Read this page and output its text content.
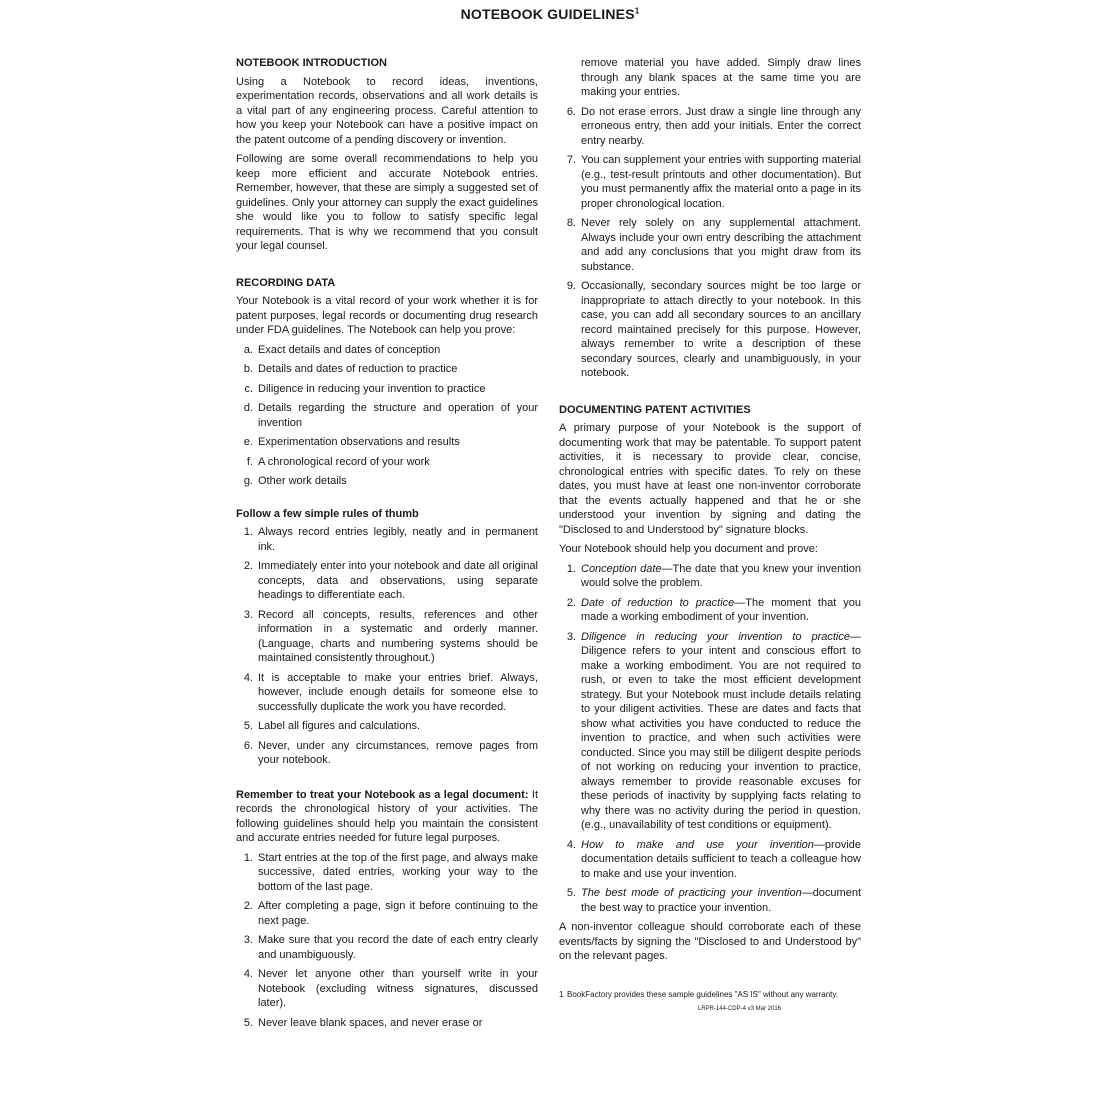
NOTEBOOK GUIDELINES$^1$
NOTEBOOK INTRODUCTION

Using a Notebook to record ideas, inventions, experimentation records, observations and all work details is a vital part of any engineering process. Careful attention to how you keep your Notebook can have a positive impact on the patent outcome of a pending discovery or invention.

Following are some overall recommendations to help you keep more efficient and accurate Notebook entries. Remember, however, that these are simply a suggested set of guidelines. Only your attorney can supply the exact guidelines she would like you to follow to satisfy specific legal requirements. That is why we recommend that you consult your legal counsel.

RECORDING DATA

Your Notebook is a vital record of your work whether it is for patent purposes, legal records or documenting drug research under FDA guidelines. The Notebook can help you prove:

a. Exact details and dates of conception
b. Details and dates of reduction to practice
c. Diligence in reducing your invention to practice
d. Details regarding the structure and operation of your invention
e. Experimentation observations and results
f. A chronological record of your work
g. Other work details
Follow a few simple rules of thumb
1. Always record entries legibly, neatly and in permanent ink.
2. Immediately enter into your notebook and date all original concepts, data and observations, using separate headings to differentiate each.
3. Record all concepts, results, references and other information in a systematic and orderly manner. (Language, charts and numbering systems should be maintained consistently throughout.)
4. It is acceptable to make your entries brief. Always, however, include enough details for someone else to successfully duplicate the work you have recorded.
5. Label all figures and calculations.
6. Never, under any circumstances, remove pages from your notebook.

Remember to treat your Notebook as a legal document: It records the chronological history of your activities. The following guidelines should help you maintain the consistent and accurate entries needed for future legal purposes.

1. Start entries at the top of the first page, and always make successive, dated entries, working your way to the bottom of the last page.
2. After completing a page, sign it before continuing to the next page.
3. Make sure that you record the date of each entry clearly and unambiguously.
4. Never let anyone other than yourself write in your Notebook (excluding witness signatures, discussed later).
5. Never leave blank spaces, and never erase or

remove material you have added. Simply draw lines through any blank spaces at the same time you are making your entries.

6. Do not erase errors. Just draw a single line through any erroneous entry, then add your initials. Enter the correct entry nearby.
7. You can supplement your entries with supporting material (e.g., test-result printouts and other documentation). But you must permanently affix the material onto a page in its proper chronological location.
8. Never rely solely on any supplemental attachment. Always include your own entry describing the attachment and add any conclusions that you might draw from its substance.
9. Occasionally, secondary sources might be too large or inappropriate to attach directly to your notebook. In this case, you can add all secondary sources to an ancillary record maintained precisely for this purpose. However, always remember to write a description of these secondary sources, clearly and unambiguously, in your notebook.
DOCUMENTING PATENT ACTIVITIES

A primary purpose of your Notebook is the support of documenting work that may be patentable. To support patent activities, it is necessary to provide clear, concise, chronological entries with specific dates. To rely on these dates, you must have at least one non-inventor corroborate that the events actually happened and that he or she understood your invention by signing and dating the "Disclosed to and Understood by" signature blocks.

Your Notebook should help you document and prove:

1. Conception date—The date that you knew your invention would solve the problem.
2. Date of reduction to practice—The moment that you made a working embodiment of your invention.
3. Diligence in reducing your invention to practice—Diligence refers to your intent and conscious effort to make a working embodiment. You are not required to rush, or even to take the most efficient development strategy. But your Notebook must include details relating to your diligent activities. These are dates and facts that show what activities you have conducted to reduce the invention to practice, and when such activities were conducted. Since you may still be diligent despite periods of not working on reducing your invention to practice, always remember to provide reasonable excuses for these periods of inactivity by supplying facts relating to why there was no activity during the period in question. (e.g., unavailability of test conditions or equipment).
4. How to make and use your invention—provide documentation details sufficient to teach a colleague how to make and use your invention.
5. The best mode of practicing your invention—document the best way to practice your invention.

A non-inventor colleague should corroborate each of these events/facts by signing the "Disclosed to and Understood by" on the relevant pages.

1 BookFactory provides these sample guidelines "AS IS" without any warranty.
LRPR-144-CDP-4 v3 Mar 2016
